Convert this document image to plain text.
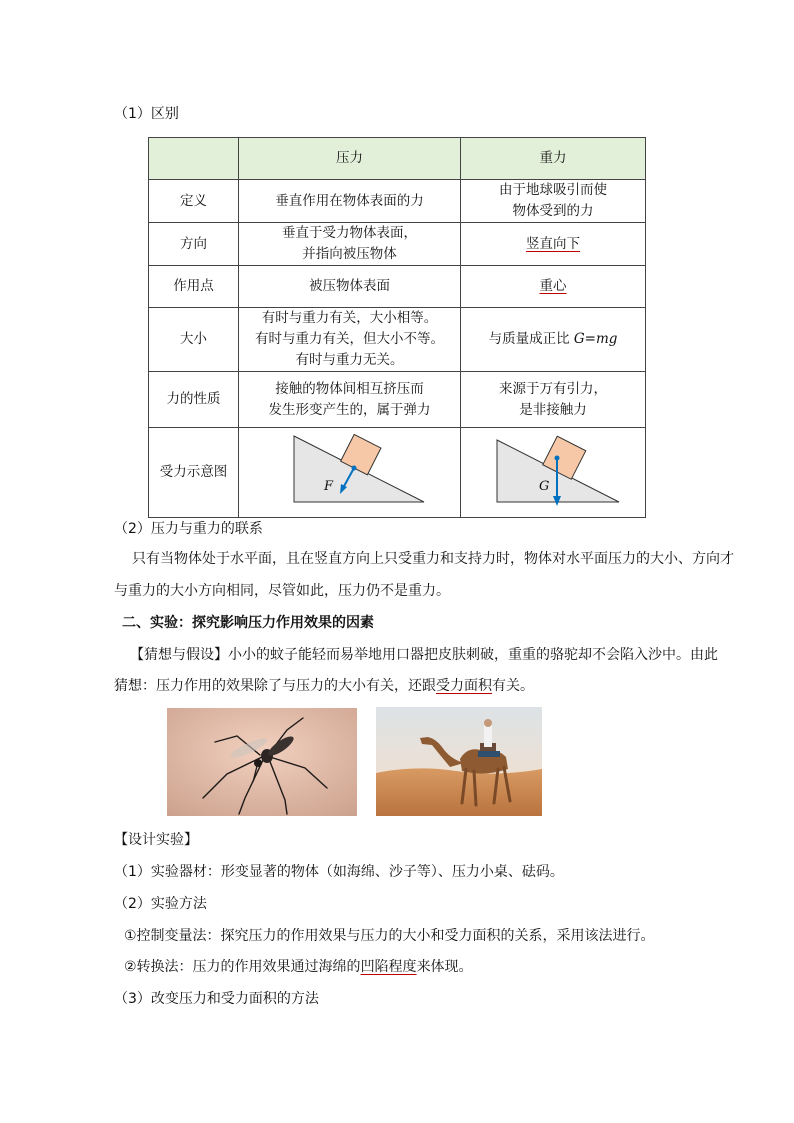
（1）区别
	压力	重力
定义	垂直作用在物体表面的力	由于地球吸引而使
物体受到的力
方向	垂直于受力物体表面，
并指向被压物体	竖直向下
作用点	被压物体表面	重心
大小	有时与重力有关，大小相等。
有时与重力有关，但大小不等。
有时与重力无关。	与质量成正比 G=mg
力的性质	接触的物体间相互挤压而
发生形变产生的，属于弹力	来源于万有引力，
是非接触力
受力示意图	F	G
（2）压力与重力的联系
只有当物体处于水平面，且在竖直方向上只受重力和支持力时，物体对水平面压力的大小、方向才
与重力的大小方向相同，尽管如此，压力仍不是重力。
二、实验：探究影响压力作用效果的因素
【猜想与假设】小小的蚊子能轻而易举地用口器把皮肤刺破，重重的骆驼却不会陷入沙中。由此
猜想：压力作用的效果除了与压力的大小有关，还跟受力面积有关。
【设计实验】
（1）实验器材：形变显著的物体（如海绵、沙子等）、压力小桌、砝码。
（2）实验方法
①控制变量法：探究压力的作用效果与压力的大小和受力面积的关系，采用该法进行。
②转换法：压力的作用效果通过海绵的凹陷程度来体现。
（3）改变压力和受力面积的方法
